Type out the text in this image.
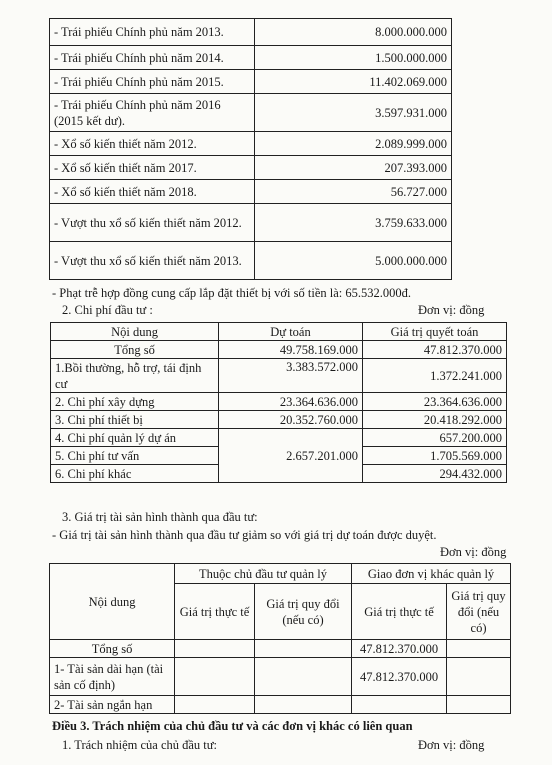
- Trái phiếu Chính phủ năm 2013.	8.000.000.000
- Trái phiếu Chính phủ năm 2014.	1.500.000.000
- Trái phiếu Chính phủ năm 2015.	11.402.069.000
- Trái phiếu Chính phủ năm 2016 (2015 kết dư).	3.597.931.000
- Xổ số kiến thiết năm 2012.	2.089.999.000
- Xổ số kiến thiết năm 2017.	207.393.000
- Xổ số kiến thiết năm 2018.	56.727.000
- Vượt thu xổ số kiến thiết năm 2012.	3.759.633.000
- Vượt thu xổ số kiến thiết năm 2013.	5.000.000.000
- Phạt trễ hợp đồng cung cấp lắp đặt thiết bị với số tiền là: 65.532.000đ.
2. Chi phí đầu tư :	Đơn vị: đồng
Nội dung	Dự toán	Giá trị quyết toán
Tổng số	49.758.169.000	47.812.370.000
1.Bồi thường, hỗ trợ, tái định cư	3.383.572.000	1.372.241.000
2. Chi phí xây dựng	23.364.636.000	23.364.636.000
3. Chi phí thiết bị	20.352.760.000	20.418.292.000
4. Chi phí quản lý dự án	2.657.201.000	657.200.000
5. Chi phí tư vấn		1.705.569.000
6. Chi phí khác		294.432.000
3. Giá trị tài sản hình thành qua đầu tư:
- Giá trị tài sản hình thành qua đầu tư giảm so với giá trị dự toán được duyệt.
Đơn vị: đồng
Nội dung	Thuộc chủ đầu tư quản lý		Giao đơn vị khác quản lý	
	Giá trị thực tế	Giá trị quy đổi (nếu có)	Giá trị thực tế	Giá trị quy đổi (nếu có)
Tổng số			47.812.370.000	
1- Tài sản dài hạn (tài sản cố định)			47.812.370.000	
2- Tài sản ngắn hạn				
Điều 3. Trách nhiệm của chủ đầu tư và các đơn vị khác có liên quan
1. Trách nhiệm của chủ đầu tư:	Đơn vị: đồng
